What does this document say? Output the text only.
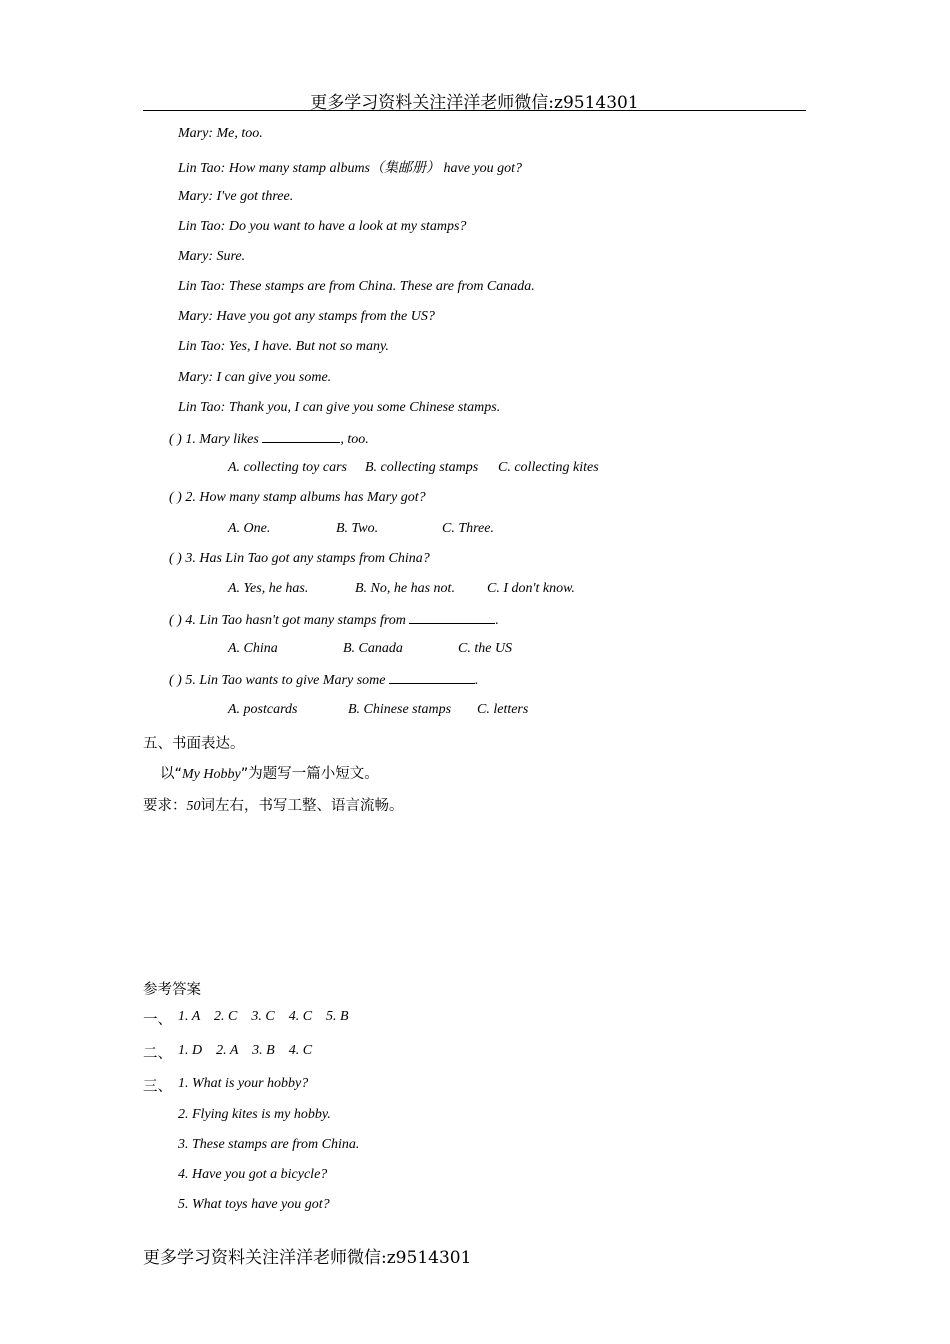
更多学习资料关注洋洋老师微信:z9514301
Mary: Me, too.
Lin Tao: How many stamp albums（集邮册） have you got?
Mary: I've got three.
Lin Tao: Do you want to have a look at my stamps?
Mary: Sure.
Lin Tao: These stamps are from China. These are from Canada.
Mary: Have you got any stamps from the US?
Lin Tao: Yes, I have. But not so many.
Mary: I can give you some.
Lin Tao: Thank you, I can give you some Chinese stamps.
( ) 1. Mary likes	, too.
A. collecting toy cars B. collecting stamps C. collecting kites
( ) 2. How many stamp albums has Mary got?
A. One.	B. Two.	C. Three.
( ) 3. Has Lin Tao got any stamps from China?
A. Yes, he has.	B. No, he has not. C. I don't know.
( ) 4. Lin Tao hasn't got many stamps from	.
A. China	B. Canada	C. the US
( ) 5. Lin Tao wants to give Mary some	.
A. postcards	B. Chinese stamps C. letters
五、书面表达。
以“My Hobby”为题写一篇小短文。
要求：50词左右，书写工整、语言流畅。
参考答案
一、 1. A    2. C    3. C    4. C    5. B
二、 1. D    2. A    3. B    4. C
三、 1. What is your hobby?
2. Flying kites is my hobby.
3. These stamps are from China.
4. Have you got a bicycle?
5. What toys have you got?
更多学习资料关注洋洋老师微信:z9514301
